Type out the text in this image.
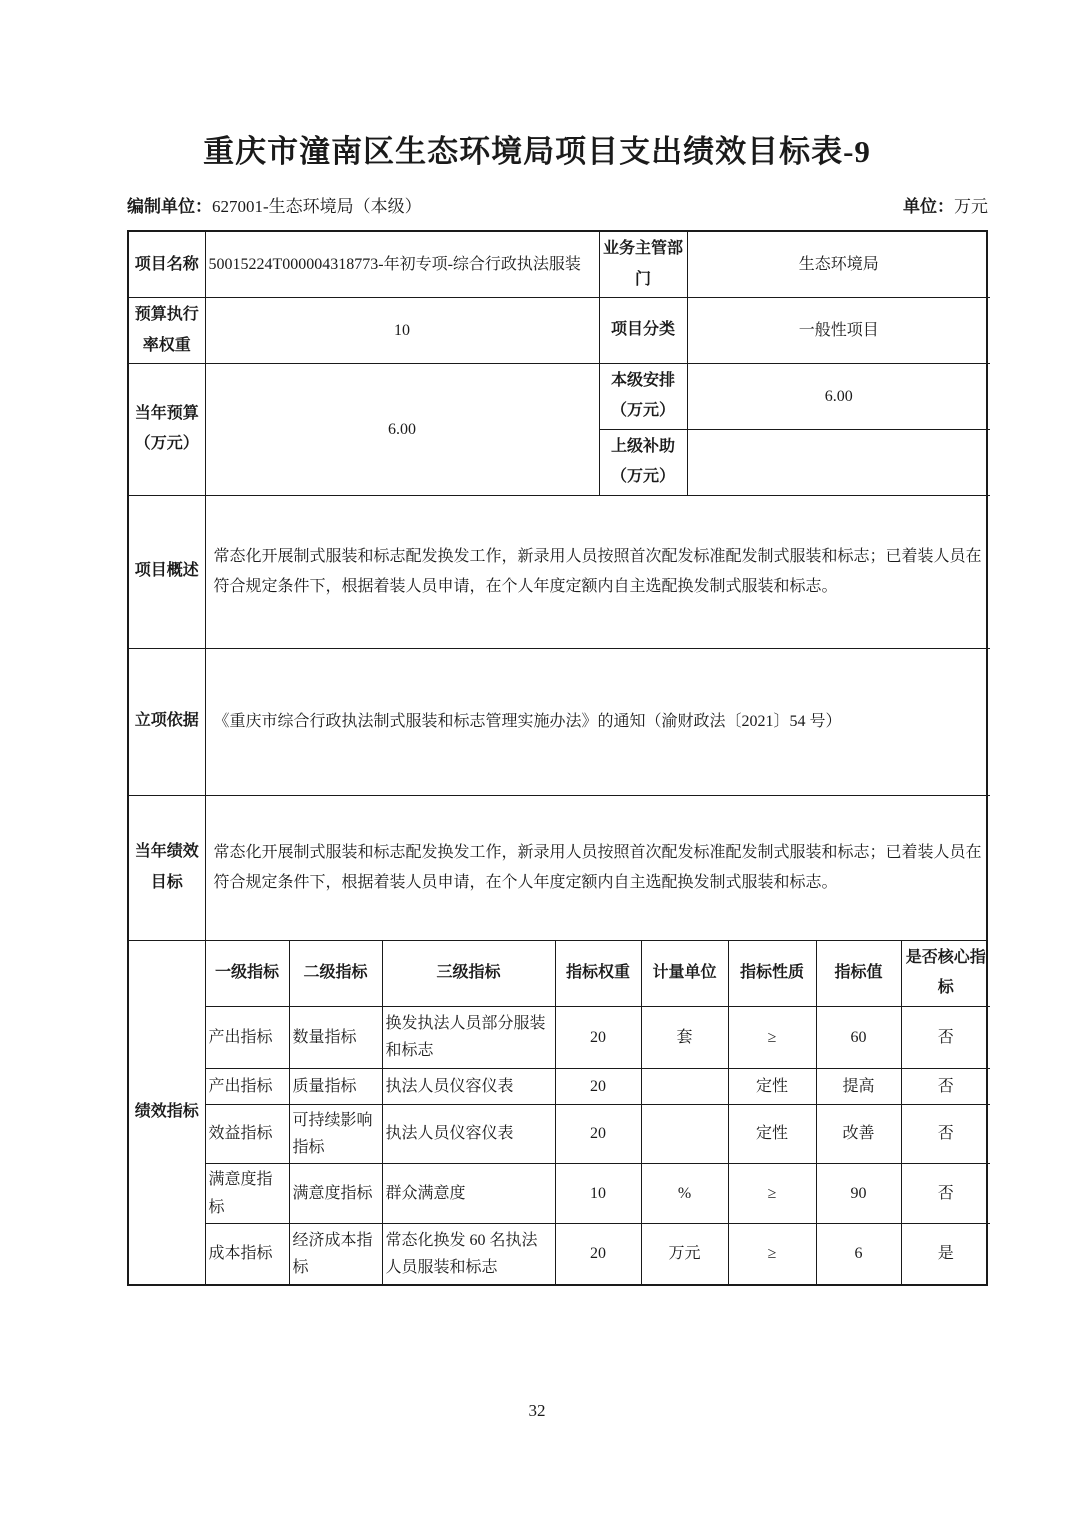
重庆市潼南区生态环境局项目支出绩效目标表-9
编制单位：627001-生态环境局（本级）	单位：万元
项目名称	50015224T000004318773-年初专项-综合行政执法服装	业务主管部门	生态环境局
预算执行率权重	10	项目分类	一般性项目
当年预算（万元）	6.00	本级安排（万元）	6.00
		上级补助（万元）	
项目概述	常态化开展制式服装和标志配发换发工作，新录用人员按照首次配发标准配发制式服装和标志；已着装人员在符合规定条件下，根据着装人员申请，在个人年度定额内自主选配换发制式服装和标志。		
立项依据	《重庆市综合行政执法制式服装和标志管理实施办法》的通知（渝财政法〔2021〕54 号）		
当年绩效目标	常态化开展制式服装和标志配发换发工作，新录用人员按照首次配发标准配发制式服装和标志；已着装人员在符合规定条件下，根据着装人员申请，在个人年度定额内自主选配换发制式服装和标志。		
绩效指标	一级指标	二级指标	三级指标	指标权重	计量单位	指标性质	指标值	是否核心指标
	产出指标	数量指标	换发执法人员部分服装和标志	20	套	≥	60	否
	产出指标	质量指标	执法人员仪容仪表	20		定性	提高	否
	效益指标	可持续影响指标	执法人员仪容仪表	20		定性	改善	否
	满意度指标	满意度指标	群众满意度	10	%	≥	90	否
	成本指标	经济成本指标	常态化换发 60 名执法人员服装和标志	20	万元	≥	6	是
32
